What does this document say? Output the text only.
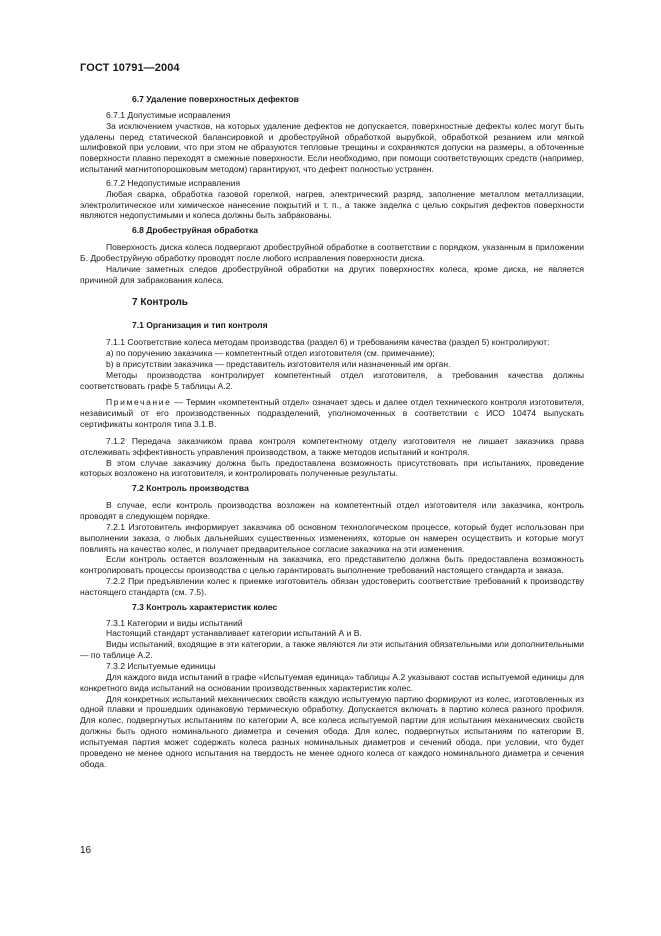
ГОСТ 10791—2004

6.7 Удаление поверхностных дефектов

6.7.1 Допустимые исправления

За исключением участков, на которых удаление дефектов не допускается, поверхностные дефекты колес могут быть удалены перед статической балансировкой и дробеструйной обработкой вырубкой, обработкой резанием или мягкой шлифовкой при условии, что при этом не образуются тепловые трещины и сохраняются допуски на размеры, а обточенные поверхности плавно переходят в смежные поверхности. Если необходимо, при помощи соответствующих средств (например, испытаний магнитопорошковым методом) гарантируют, что дефект полностью устранен.

6.7.2 Недопустимые исправления

Любая сварка, обработка газовой горелкой, нагрев, электрический разряд, заполнение металлом металлизации, электролитическое или химическое нанесение покрытий и т. п., а также заделка с целью сокрытия дефектов поверхности являются недопустимыми и колеса должны быть забракованы.

6.8 Дробеструйная обработка

Поверхность диска колеса подвергают дробеструйной обработке в соответствии с порядком, указанным в приложении Б. Дробеструйную обработку проводят после любого исправления поверхности диска.

Наличие заметных следов дробеструйной обработки на других поверхностях колеса, кроме диска, не является причиной для забракования колеса.

7 Контроль

7.1 Организация и тип контроля

7.1.1 Соответствие колеса методам производства (раздел 6) и требованиям качества (раздел 5) контролируют:

a) по поручению заказчика — компетентный отдел изготовителя (см. примечание);

b) в присутствии заказчика — представитель изготовителя или назначенный им орган.

Методы производства контролирует компетентный отдел изготовителя, а требования качества должны соответствовать графе 5 таблицы А.2.

Примечание — Термин «компетентный отдел» означает здесь и далее отдел технического контроля изготовителя, независимый от его производственных подразделений, уполномоченных в соответствии с ИСО 10474 выпускать сертификаты контроля типа 3.1.В.

7.1.2 Передача заказчиком права контроля компетентному отделу изготовителя не лишает заказчика права отслеживать эффективность управления производством, а также методов испытаний и контроля.

В этом случае заказчику должна быть предоставлена возможность присутствовать при испытаниях, проведение которых возложено на изготовителя, и контролировать полученные результаты.

7.2 Контроль производства

В случае, если контроль производства возложен на компетентный отдел изготовителя или заказчика, контроль проводят в следующем порядке.

7.2.1 Изготовитель информирует заказчика об основном технологическом процессе, который будет использован при выполнении заказа, о любых дальнейших существенных изменениях, которые он намерен осуществить и которые могут повлиять на качество колес, и получает предварительное согласие заказчика на эти изменения.

Если контроль остается возложенным на заказчика, его представителю должна быть предоставлена возможность контролировать процессы производства с целью гарантировать выполнение требований настоящего стандарта и заказа.

7.2.2 При предъявлении колес к приемке изготовитель обязан удостоверить соответствие требований к производству настоящего стандарта (см. 7.5).

7.3 Контроль характеристик колес

7.3.1 Категории и виды испытаний

Настоящий стандарт устанавливает категории испытаний А и В.

Виды испытаний, входящие в эти категории, а также являются ли эти испытания обязательными или дополнительными — по таблице А.2.

7.3.2 Испытуемые единицы

Для каждого вида испытаний в графе «Испытуемая единица» таблицы А.2 указывают состав испытуемой единицы для конкретного вида испытаний на основании производственных характеристик колес.

Для конкретных испытаний механических свойств каждую испытуемую партию формируют из колес, изготовленных из одной плавки и прошедших одинаковую термическую обработку. Допускается включать в партию колеса разного профиля. Для колес, подвергнутых испытаниям по категории А, все колеса испытуемой партии для испытания механических свойств должны быть одного номинального диаметра и сечения обода. Для колес, подвергнутых испытаниям по категории В, испытуемая партия может содержать колеса разных номинальных диаметров и сечений обода, при условии, что будет проведено не менее одного испытания на твердость не менее одного колеса от каждого номинального диаметра и сечения обода.

16
